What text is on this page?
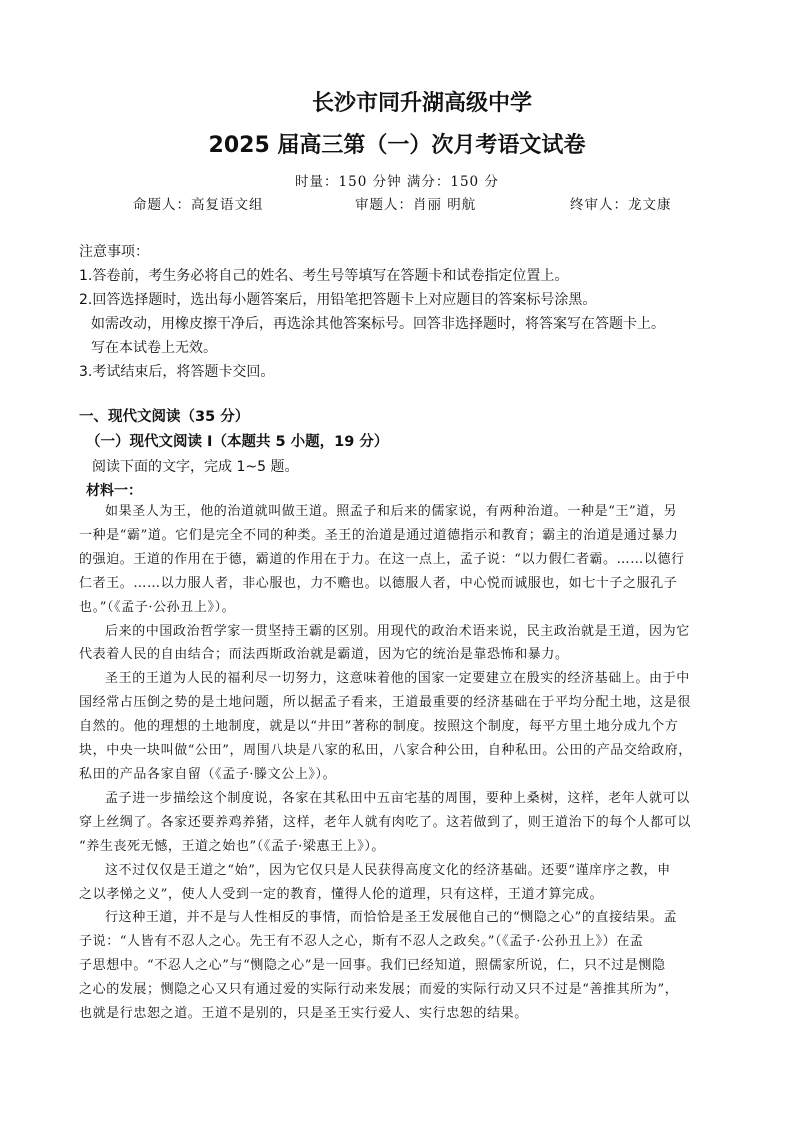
长沙市同升湖高级中学
2025 届高三第（一）次月考语文试卷
时量：150 分钟 满分：150 分
命题人：高复语文组	审题人：肖丽 明航	终审人：龙文康
注意事项：
1.答卷前，考生务必将自己的姓名、考生号等填写在答题卡和试卷指定位置上。
2.回答选择题时，选出每小题答案后，用铅笔把答题卡上对应题目的答案标号涂黑。
如需改动，用橡皮擦干净后，再选涂其他答案标号。回答非选择题时，将答案写在答题卡上。
写在本试卷上无效。
3.考试结束后，将答题卡交回。
一、现代文阅读（35 分）
（一）现代文阅读 I（本题共 5 小题，19 分）
阅读下面的文字，完成 1~5 题。
材料一：
如果圣人为王，他的治道就叫做王道。照孟子和后来的儒家说，有两种治道。一种是“王”道，另
一种是“霸”道。它们是完全不同的种类。圣王的治道是通过道德指示和教育；霸主的治道是通过暴力
的强迫。王道的作用在于德，霸道的作用在于力。在这一点上，孟子说：“以力假仁者霸。……以德行
仁者王。……以力服人者，非心服也，力不赡也。以德服人者，中心悦而诚服也，如七十子之服孔子
也。”（《孟子·公孙丑上》）。
后来的中国政治哲学家一贯坚持王霸的区别。用现代的政治术语来说，民主政治就是王道，因为它
代表着人民的自由结合；而法西斯政治就是霸道，因为它的统治是靠恐怖和暴力。
圣王的王道为人民的福利尽一切努力，这意味着他的国家一定要建立在殷实的经济基础上。由于中
国经常占压倒之势的是土地问题，所以据孟子看来，王道最重要的经济基础在于平均分配土地，这是很
自然的。他的理想的土地制度，就是以“井田”著称的制度。按照这个制度，每平方里土地分成九个方
块，中央一块叫做“公田”，周围八块是八家的私田，八家合种公田，自种私田。公田的产品交给政府，
私田的产品各家自留（《孟子·滕文公上》）。
孟子进一步描绘这个制度说，各家在其私田中五亩宅基的周围，要种上桑树，这样，老年人就可以
穿上丝绸了。各家还要养鸡养猪，这样，老年人就有肉吃了。这若做到了，则王道治下的每个人都可以
“养生丧死无憾，王道之始也”（《孟子·梁惠王上》）。
这不过仅仅是王道之“始”，因为它仅只是人民获得高度文化的经济基础。还要“谨庠序之教，申
之以孝悌之义”，使人人受到一定的教育，懂得人伦的道理，只有这样，王道才算完成。
行这种王道，并不是与人性相反的事情，而恰恰是圣王发展他自己的“恻隐之心”的直接结果。孟
子说：“人皆有不忍人之心。先王有不忍人之心，斯有不忍人之政矣。”（《孟子·公孙丑上》）在孟
子思想中。“不忍人之心”与“恻隐之心”是一回事。我们已经知道，照儒家所说，仁，只不过是恻隐
之心的发展；恻隐之心又只有通过爱的实际行动来发展；而爱的实际行动又只不过是“善推其所为”，
也就是行忠恕之道。王道不是别的，只是圣王实行爱人、实行忠恕的结果。
